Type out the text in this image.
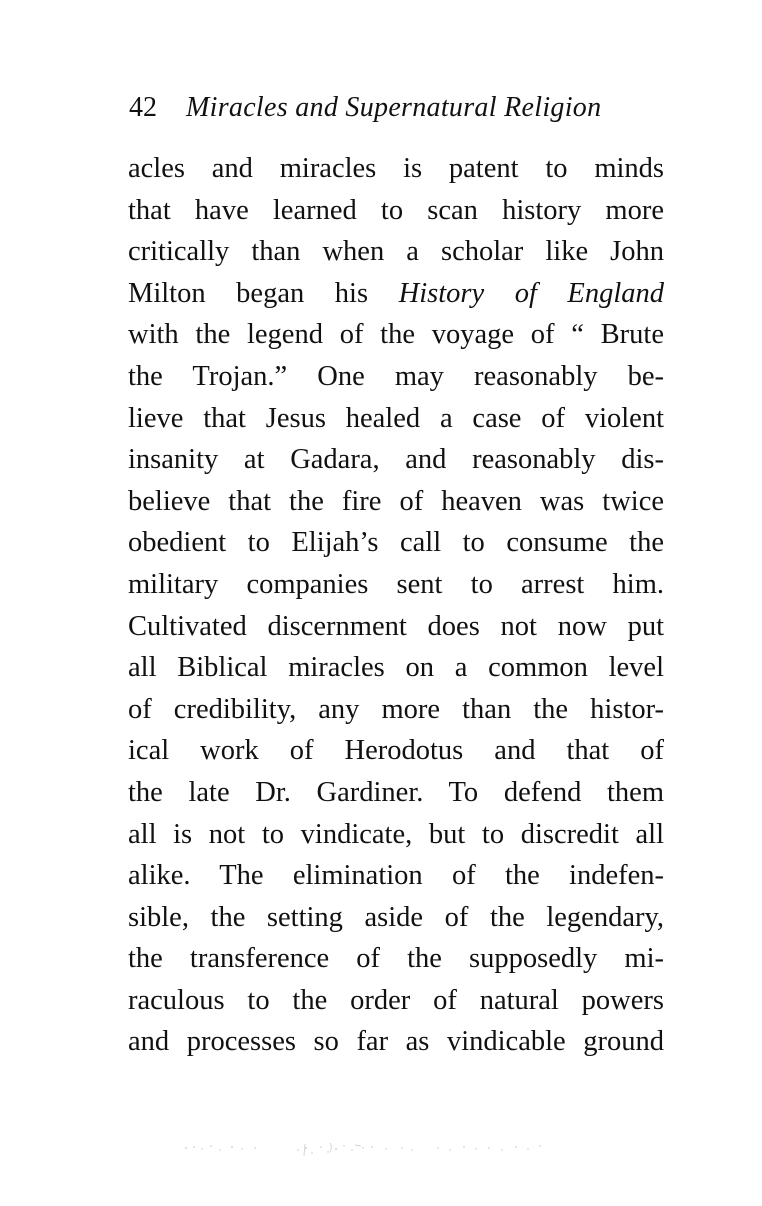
42 Miracles and Supernatural Religion
acles and miracles is patent to minds
that have learned to scan history more
critically than when a scholar like John
Milton began his History of England
with the legend of the voyage of “ Brute
the Trojan.” One may reasonably be-
lieve that Jesus healed a case of violent
insanity at Gadara, and reasonably dis-
believe that the fire of heaven was twice
obedient to Elijah’s call to consume the
military companies sent to arrest him.
Cultivated discernment does not now put
all Biblical miracles on a common level
of credibility, any more than the histor-
ical work of Herodotus and that of
the late Dr. Gardiner. To defend them
all is not to vindicate, but to discredit all
alike. The elimination of the indefen-
sible, the setting aside of the legendary,
the transference of the supposedly mi-
raculous to the order of natural powers
and processes so far as vindicable ground
